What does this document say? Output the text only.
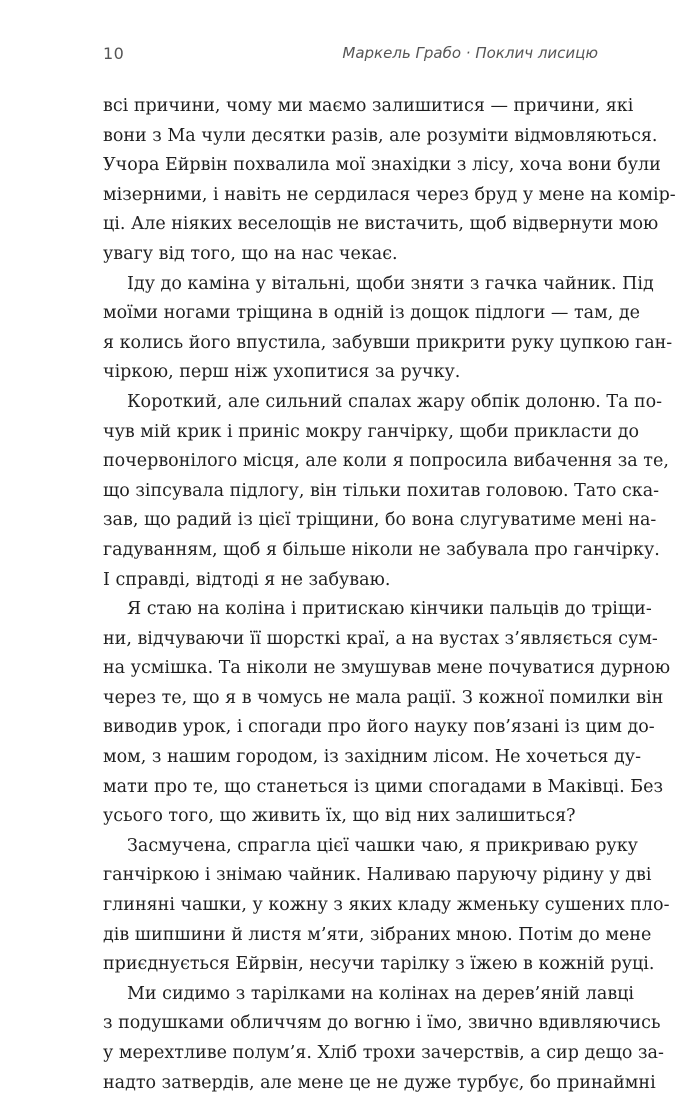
10	Маркель Грабо · Поклич лисицю
всі причини, чому ми маємо залишитися — причини, які
вони з Ма чули десятки разів, але розуміти відмовляються.
Учора Ейрвін похвалила мої знахідки з лісу, хоча вони були
мізерними, і навіть не сердилася через бруд у мене на комір-
ці. Але ніяких веселощів не вистачить, щоб відвернути мою
увагу від того, що на нас чекає.
Іду до каміна у вітальні, щоби зняти з гачка чайник. Під
моїми ногами тріщина в одній із дощок підлоги — там, де
я колись його впустила, забувши прикрити руку цупкою ган-
чіркою, перш ніж ухопитися за ручку.
Короткий, але сильний спалах жару обпік долоню. Та по-
чув мій крик і приніс мокру ганчірку, щоби прикласти до
почервонілого місця, але коли я попросила вибачення за те,
що зіпсувала підлогу, він тільки похитав головою. Тато ска-
зав, що радий із цієї тріщини, бо вона слугуватиме мені на-
гадуванням, щоб я більше ніколи не забувала про ганчірку.
І справді, відтоді я не забуваю.
Я стаю на коліна і притискаю кінчики пальців до тріщи-
ни, відчуваючи її шорсткі краї, а на вустах з’являється сум-
на усмішка. Та ніколи не змушував мене почуватися дурною
через те, що я в чомусь не мала рації. З кожної помилки він
виводив урок, і спогади про його науку пов’язані із цим до-
мом, з нашим городом, із західним лісом. Не хочеться ду-
мати про те, що станеться із цими спогадами в Маківці. Без
усього того, що живить їх, що від них залишиться?
Засмучена, спрагла цієї чашки чаю, я прикриваю руку
ганчіркою і знімаю чайник. Наливаю паруючу рідину у дві
глиняні чашки, у кожну з яких кладу жменьку сушених пло-
дів шипшини й листя м’яти, зібраних мною. Потім до мене
приєднується Ейрвін, несучи тарілку з їжею в кожній руці.
Ми сидимо з тарілками на колінах на дерев’яній лавці
з подушками обличчям до вогню і їмо, звично вдивляючись
у мерехтливе полум’я. Хліб трохи зачерствів, а сир дещо за-
надто затвердів, але мене це не дуже турбує, бо принаймні
